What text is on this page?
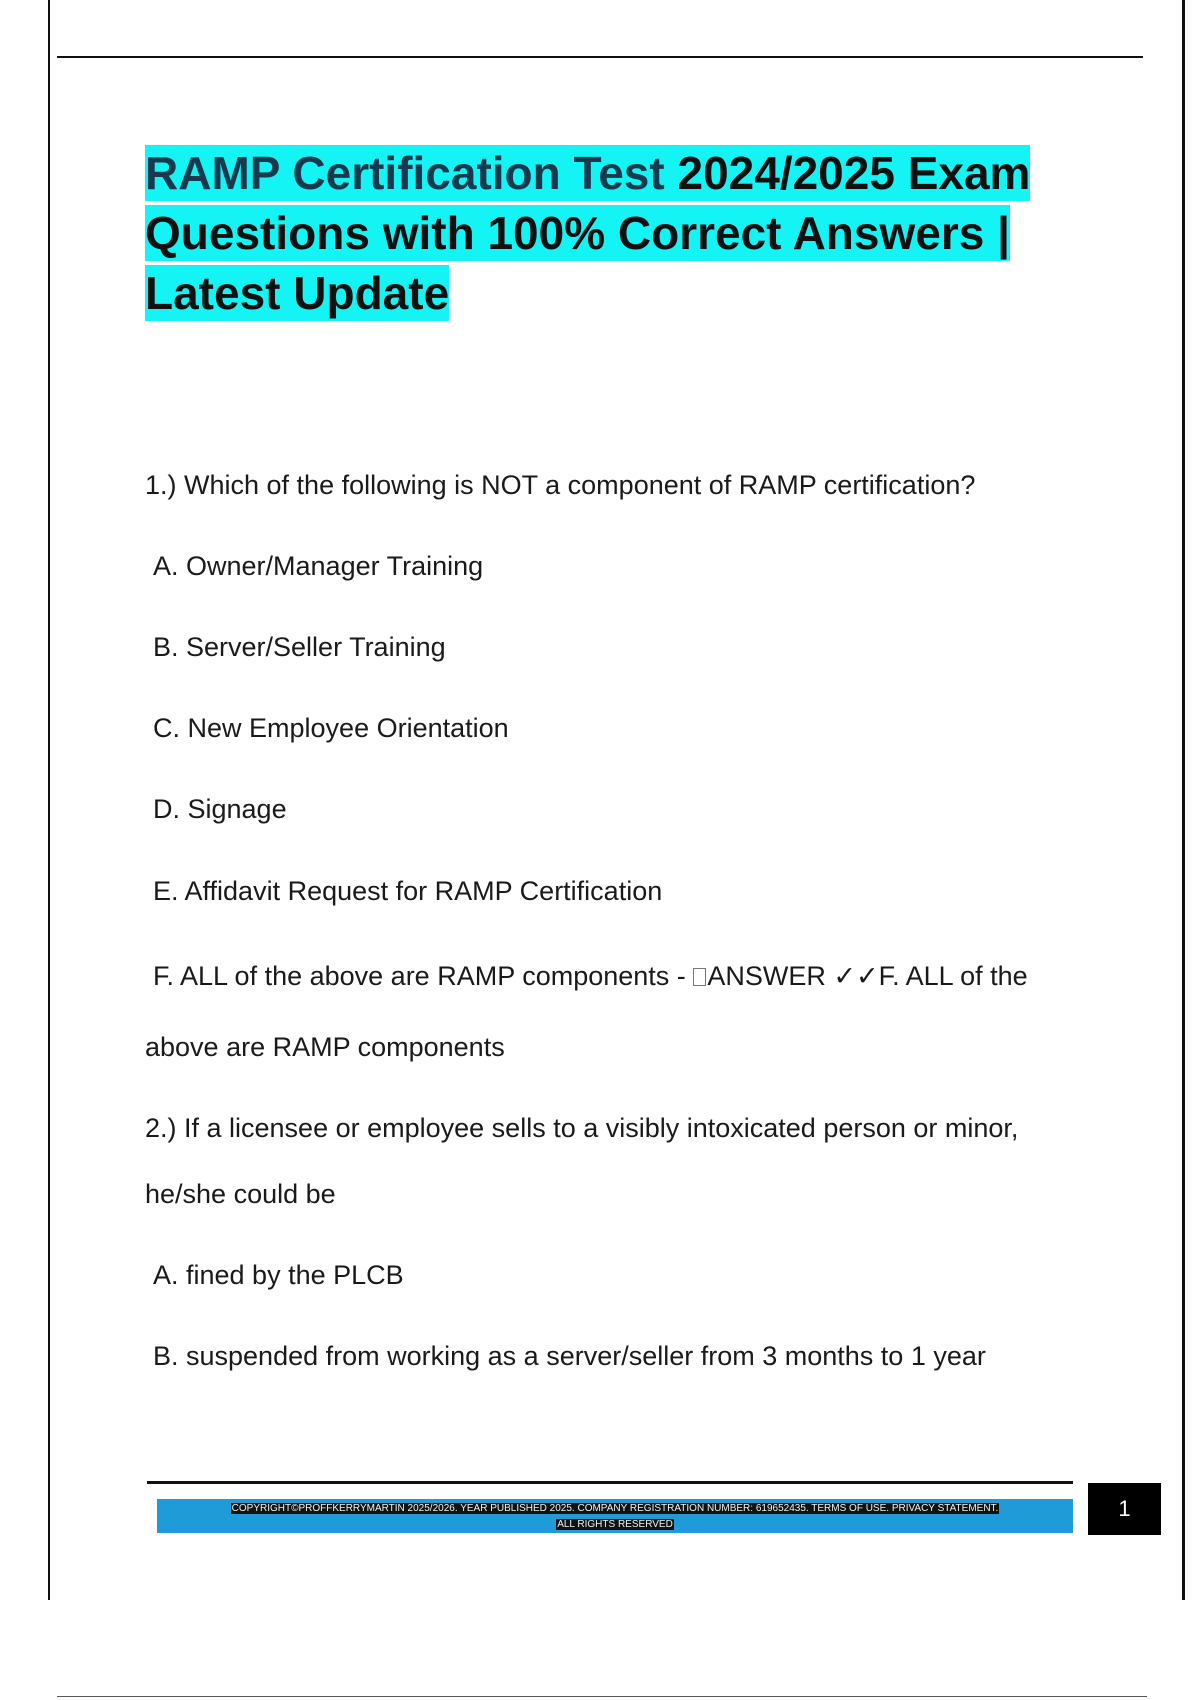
RAMP Certification Test 2024/2025 Exam
Questions with 100% Correct Answers |
Latest Update

1.) Which of the following is NOT a component of RAMP certification?

A. Owner/Manager Training

B. Server/Seller Training

C. New Employee Orientation

D. Signage

E. Affidavit Request for RAMP Certification

F. ALL of the above are RAMP components - ANSWER ✓✓F. ALL of the

above are RAMP components

2.) If a licensee or employee sells to a visibly intoxicated person or minor,

he/she could be

A. fined by the PLCB

B. suspended from working as a server/seller from 3 months to 1 year

COPYRIGHT©PROFFKERRYMARTIN 2025/2026. YEAR PUBLISHED 2025. COMPANY REGISTRATION NUMBER: 619652435. TERMS OF USE. PRIVACY STATEMENT.
ALL RIGHTS RESERVED
1
